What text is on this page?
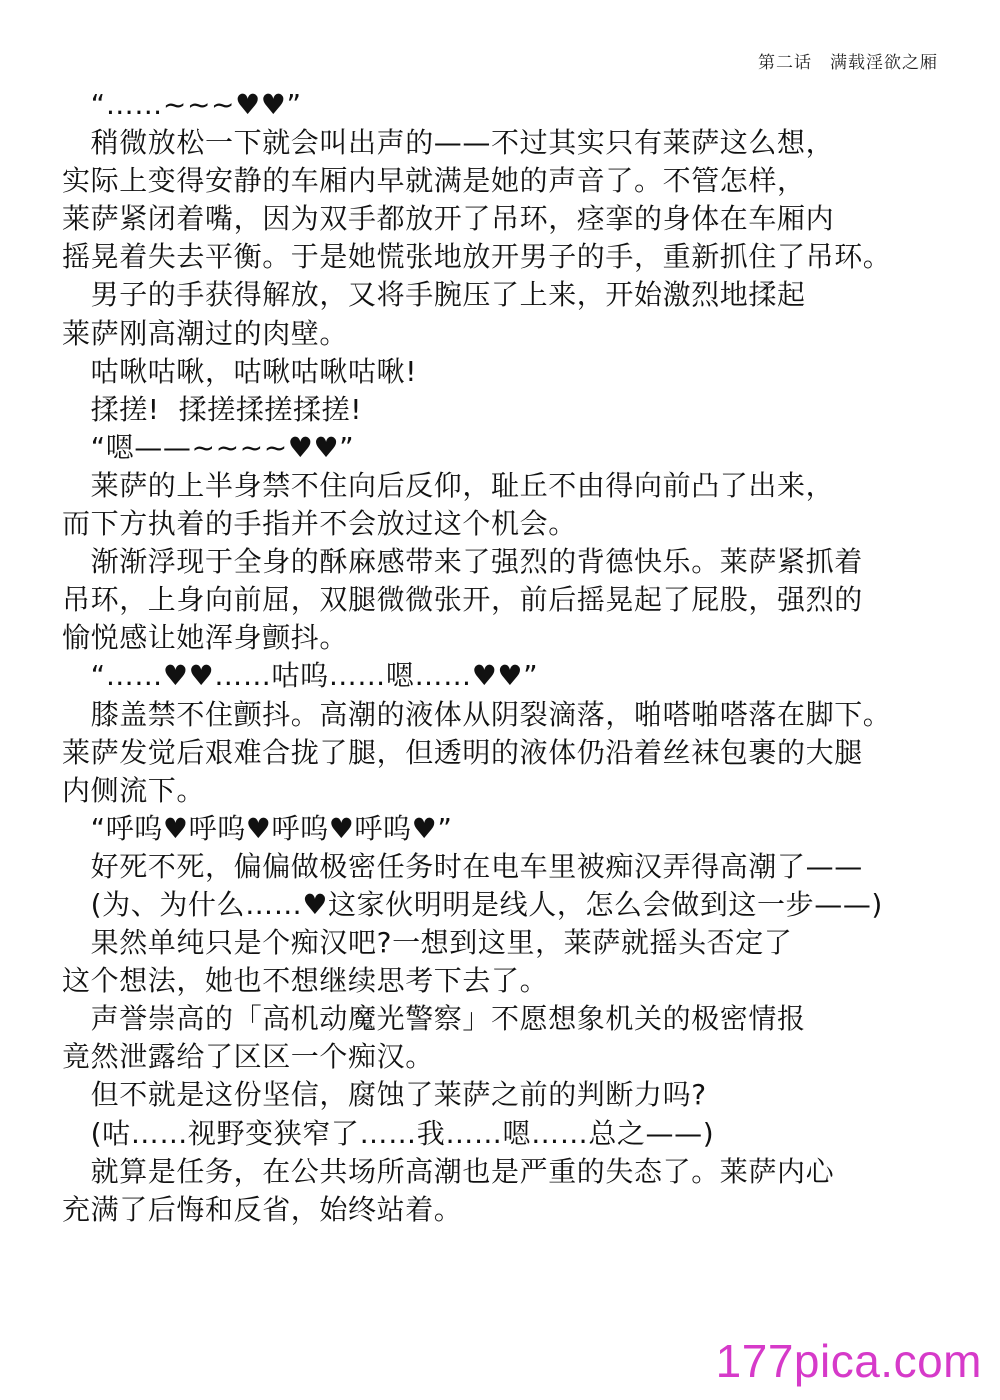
第二话　满载淫欲之厢
　“……~~~♥♥”
　稍微放松一下就会叫出声的——不过其实只有莱萨这么想，
实际上变得安静的车厢内早就满是她的声音了。不管怎样，
莱萨紧闭着嘴，因为双手都放开了吊环，痉挛的身体在车厢内
摇晃着失去平衡。于是她慌张地放开男子的手，重新抓住了吊环。
　男子的手获得解放，又将手腕压了上来，开始激烈地揉起
莱萨刚高潮过的肉壁。
　咕啾咕啾，咕啾咕啾咕啾!
　揉搓!  揉搓揉搓揉搓!
　“嗯——~~~~♥♥”
　莱萨的上半身禁不住向后反仰，耻丘不由得向前凸了出来，
而下方执着的手指并不会放过这个机会。
　渐渐浮现于全身的酥麻感带来了强烈的背德快乐。莱萨紧抓着
吊环，上身向前屈，双腿微微张开，前后摇晃起了屁股，强烈的
愉悦感让她浑身颤抖。
　“……♥♥……咕呜……嗯……♥♥”
　膝盖禁不住颤抖。高潮的液体从阴裂滴落，啪嗒啪嗒落在脚下。
莱萨发觉后艰难合拢了腿，但透明的液体仍沿着丝袜包裹的大腿
内侧流下。
　“呼呜♥呼呜♥呼呜♥呼呜♥”
　好死不死，偏偏做极密任务时在电车里被痴汉弄得高潮了——
　(为、为什么……♥这家伙明明是线人，怎么会做到这一步——)
　果然单纯只是个痴汉吧?一想到这里，莱萨就摇头否定了
这个想法，她也不想继续思考下去了。
　声誉崇高的「高机动魔光警察」不愿想象机关的极密情报
竟然泄露给了区区一个痴汉。
　但不就是这份坚信，腐蚀了莱萨之前的判断力吗?
　(咕……视野变狭窄了……我……嗯……总之——)
　就算是任务，在公共场所高潮也是严重的失态了。莱萨内心
充满了后悔和反省，始终站着。
177pica.com
